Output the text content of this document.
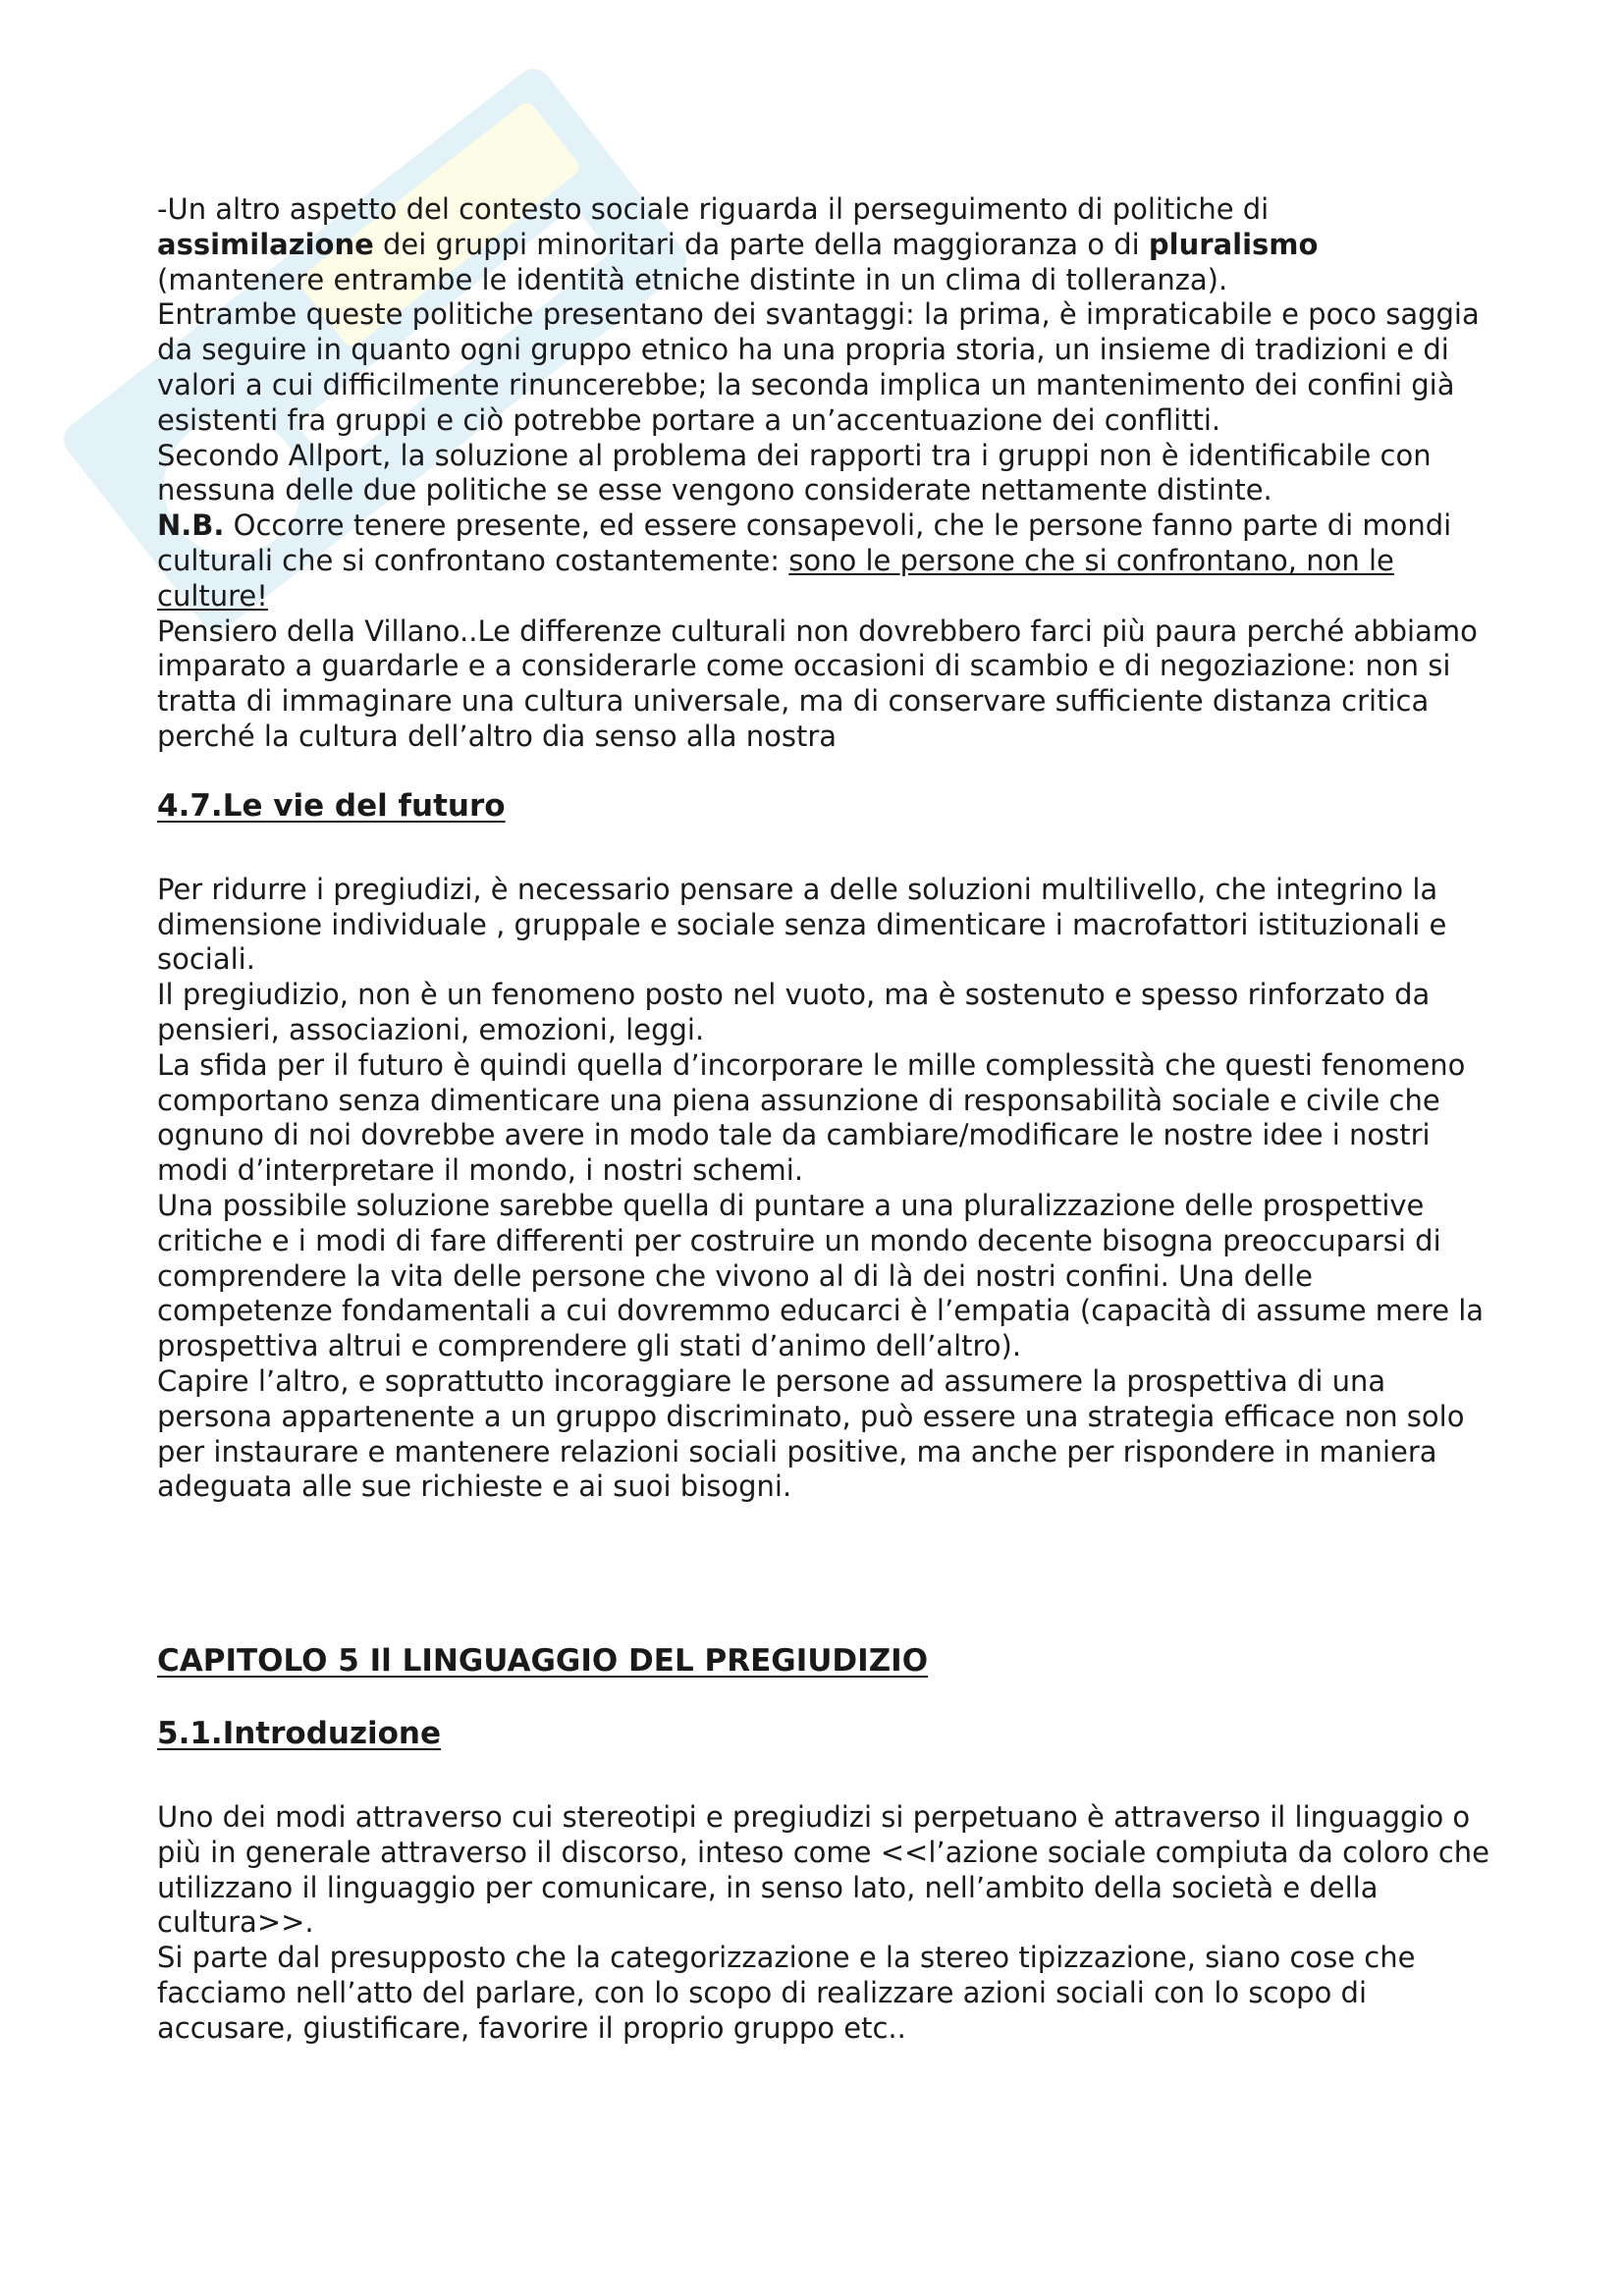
-Un altro aspetto del contesto sociale riguarda il perseguimento di politiche di assimilazione dei gruppi minoritari da parte della maggioranza o di pluralismo (mantenere entrambe le identità etniche distinte in un clima di tolleranza).

Entrambe queste politiche presentano dei svantaggi: la prima, è impraticabile e poco saggia da seguire in quanto ogni gruppo etnico ha una propria storia, un insieme di tradizioni e di valori a cui difficilmente rinuncerebbe; la seconda implica un mantenimento dei confini già esistenti fra gruppi e ciò potrebbe portare a un’accentuazione dei conflitti.

Secondo Allport, la soluzione al problema dei rapporti tra i gruppi non è identificabile con nessuna delle due politiche se esse vengono considerate nettamente distinte.

N.B. Occorre tenere presente, ed essere consapevoli, che le persone fanno parte di mondi culturali che si confrontano costantemente: sono le persone che si confrontano, non le culture!

Pensiero della Villano..Le differenze culturali non dovrebbero farci più paura perché abbiamo imparato a guardarle e a considerarle come occasioni di scambio e di negoziazione: non si tratta di immaginare una cultura universale, ma di conservare sufficiente distanza critica perché la cultura dell’altro dia senso alla nostra

4.7.Le vie del futuro

Per ridurre i pregiudizi, è necessario pensare a delle soluzioni multilivello, che integrino la dimensione individuale , gruppale e sociale senza dimenticare i macrofattori istituzionali e sociali.

Il pregiudizio, non è un fenomeno posto nel vuoto, ma è sostenuto e spesso rinforzato da pensieri, associazioni, emozioni, leggi.

La sfida per il futuro è quindi quella d’incorporare le mille complessità che questi fenomeno comportano senza dimenticare una piena assunzione di responsabilità sociale e civile che ognuno di noi dovrebbe avere in modo tale da cambiare/modificare le nostre idee i nostri modi d’interpretare il mondo, i nostri schemi.

Una possibile soluzione sarebbe quella di puntare a una pluralizzazione delle prospettive critiche e i modi di fare differenti per costruire un mondo decente bisogna preoccuparsi di comprendere la vita delle persone che vivono al di là dei nostri confini. Una delle competenze fondamentali a cui dovremmo educarci è l’empatia (capacità di assume mere la prospettiva altrui e comprendere gli stati d’animo dell’altro).

Capire l’altro, e soprattutto incoraggiare le persone ad assumere la prospettiva di una persona appartenente a un gruppo discriminato, può essere una strategia efficace non solo per instaurare e mantenere relazioni sociali positive, ma anche per rispondere in maniera adeguata alle sue richieste e ai suoi bisogni.

CAPITOLO 5 Il LINGUAGGIO DEL PREGIUDIZIO
5.1.Introduzione

Uno dei modi attraverso cui stereotipi e pregiudizi si perpetuano è attraverso il linguaggio o più in generale attraverso il discorso, inteso come <<l’azione sociale compiuta da coloro che utilizzano il linguaggio per comunicare, in senso lato, nell’ambito della società e della cultura>>.

Si parte dal presupposto che la categorizzazione e la stereo tipizzazione, siano cose che facciamo nell’atto del parlare, con lo scopo di realizzare azioni sociali con lo scopo di accusare, giustificare, favorire il proprio gruppo etc..
